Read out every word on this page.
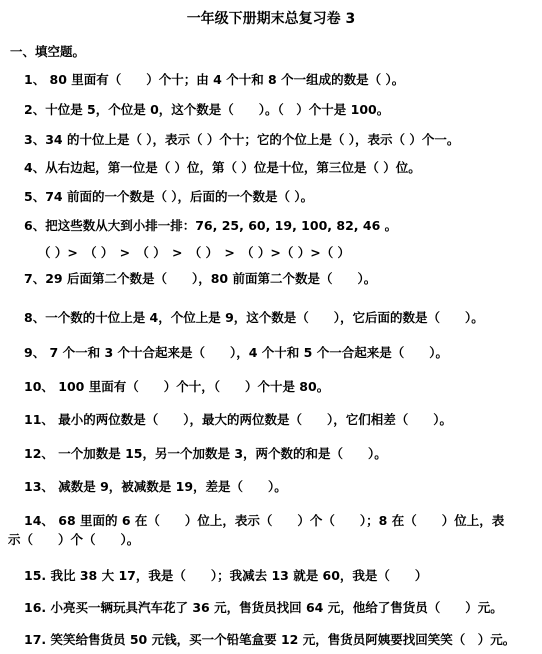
一年级下册期末总复习卷 3
一、填空题。
1、 80 里面有（　　）个十；由 4 个十和 8 个一组成的数是（ ）。
2、十位是 5，个位是 0，这个数是（　　）。（　）个十是 100。
3、34 的十位上是（ ），表示（ ）个十；它的个位上是（ ），表示（ ）个一。
4、从右边起，第一位是（ ）位，第（ ）位是十位，第三位是（ ）位。
5、74 前面的一个数是（ ），后面的一个数是（ ）。
6、把这些数从大到小排一排：76, 25, 60, 19, 100, 82, 46 。
（ ）>　（ ）　>　（ ）　>　（ ）　>　（ ）>（ ）>（ ）
7、29 后面第二个数是（　　），80 前面第二个数是（　　）。
8、一个数的十位上是 4，个位上是 9，这个数是（　　），它后面的数是（　　）。
9、 7 个一和 3 个十合起来是（　　），4 个十和 5 个一合起来是（　　）。
10、 100 里面有（　　）个十，（　　）个十是 80。
11、 最小的两位数是（　　），最大的两位数是（　　），它们相差（　　）。
12、 一个加数是 15，另一个加数是 3，两个数的和是（　　）。
13、 减数是 9，被减数是 19，差是（　　）。
14、 68 里面的 6 在（　　）位上，表示（　　）个（　　）；8 在（　　）位上，表
示（　　）个（　　）。
15. 我比 38 大 17，我是（　　）；我减去 13 就是 60，我是（　　）
16. 小亮买一辆玩具汽车花了 36 元，售货员找回 64 元，他给了售货员（　　）元。
17. 笑笑给售货员 50 元钱，买一个铅笔盒要 12 元，售货员阿姨要找回笑笑（　）元。
